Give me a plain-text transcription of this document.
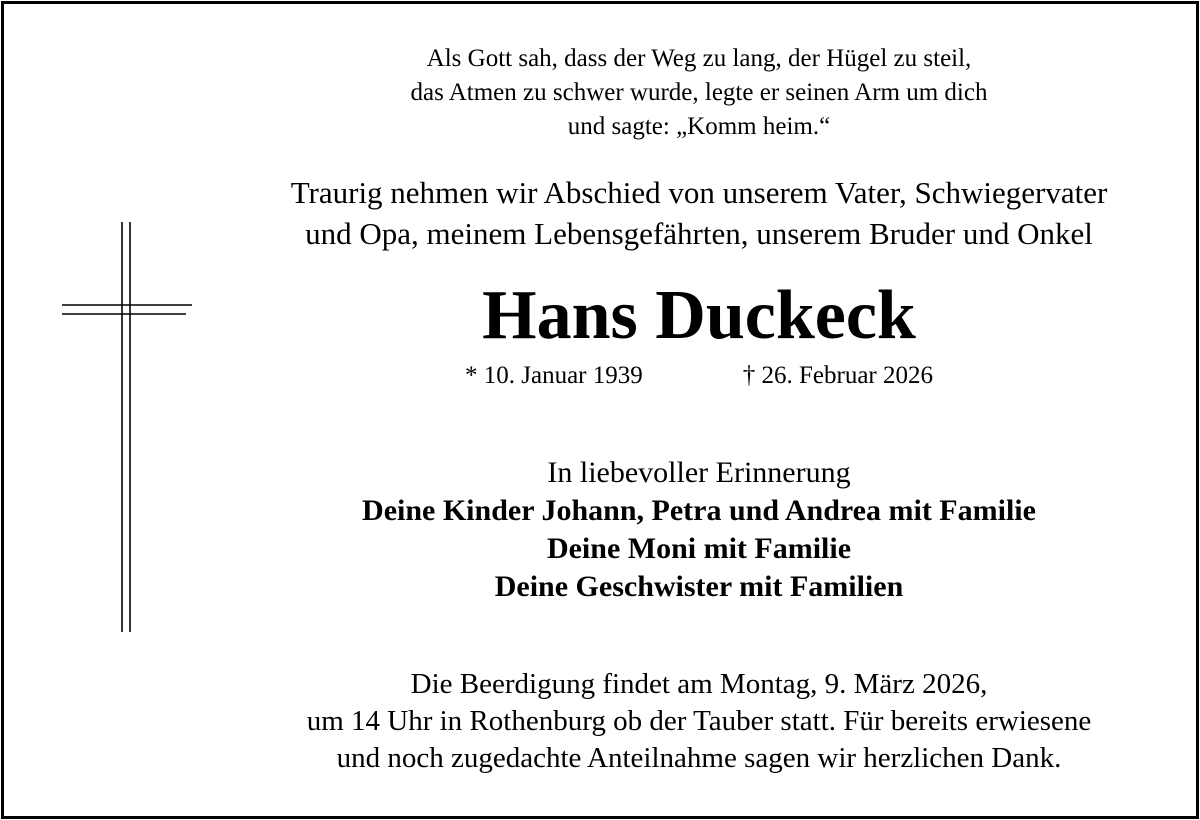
Als Gott sah, dass der Weg zu lang, der Hügel zu steil,
das Atmen zu schwer wurde, legte er seinen Arm um dich
und sagte: „Komm heim.“
Traurig nehmen wir Abschied von unserem Vater, Schwiegervater
und Opa, meinem Lebensgefährten, unserem Bruder und Onkel
Hans Duckeck
* 10. Januar 1939	† 26. Februar 2026
In liebevoller Erinnerung
Deine Kinder Johann, Petra und Andrea mit Familie
Deine Moni mit Familie
Deine Geschwister mit Familien
Die Beerdigung findet am Montag, 9. März 2026,
um 14 Uhr in Rothenburg ob der Tauber statt. Für bereits erwiesene
und noch zugedachte Anteilnahme sagen wir herzlichen Dank.
